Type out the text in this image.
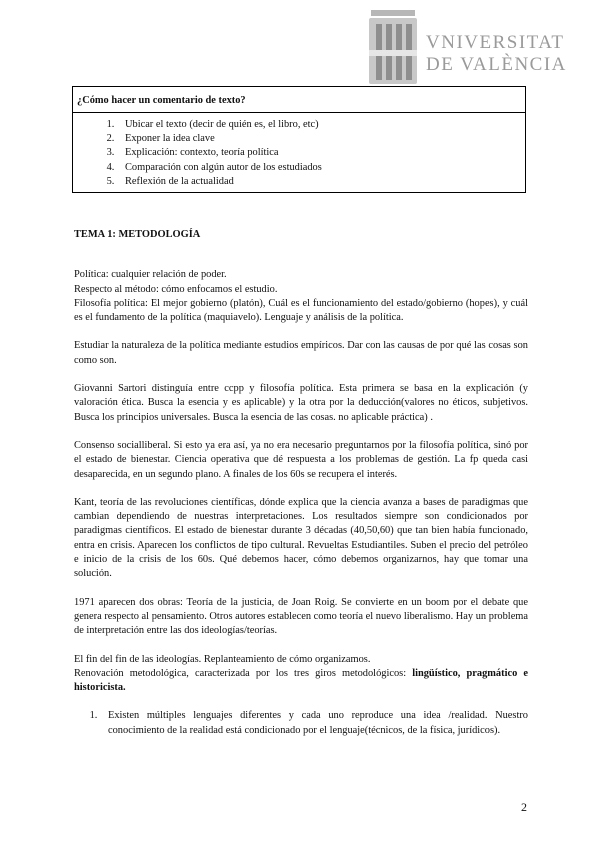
VNIVERSITAT
DE VALÈNCIA
¿Cómo hacer un comentario de texto?
1. Ubicar el texto (decir de quién es, el libro, etc)
2. Exponer la idea clave
3. Explicación: contexto, teoría política
4. Comparación con algún autor de los estudiados
5. Reflexión de la actualidad

TEMA 1: METODOLOGÍA

Política: cualquier relación de poder.

Respecto al método: cómo enfocamos el estudio.

Filosofía política: El mejor gobierno (platón), Cuál es el funcionamiento del estado/gobierno (hopes), y cuál es el fundamento de la política (maquiavelo). Lenguaje y análisis de la política.

Estudiar la naturaleza de la política mediante estudios empíricos. Dar con las causas de por qué las cosas son como son.

Giovanni Sartori distinguía entre ccpp y filosofía política. Esta primera se basa en la explicación (y valoración ética. Busca la esencia y es aplicable) y la otra por la deducción(valores no éticos, subjetivos. Busca los principios universales. Busca la esencia de las cosas. no aplicable práctica) .

Consenso socialliberal. Si esto ya era así, ya no era necesario preguntarnos por la filosofía política, sinó por el estado de bienestar. Ciencia operativa que dé respuesta a los problemas de gestión. La fp queda casi desaparecida, en un segundo plano. A finales de los 60s se recupera el interés.

Kant, teoría de las revoluciones científicas, dónde explica que la ciencia avanza a bases de paradigmas que cambian dependiendo de nuestras interpretaciones. Los resultados siempre son condicionados por paradigmas científicos. El estado de bienestar durante 3 décadas (40,50,60) que tan bien había funcionado, entra en crisis. Aparecen los conflictos de tipo cultural. Revueltas Estudiantiles. Suben el precio del petróleo e inicio de la crisis de los 60s. Qué debemos hacer, cómo debemos organizarnos, hay que tomar una solución.

1971 aparecen dos obras: Teoría de la justicia, de Joan Roig. Se convierte en un boom por el debate que genera respecto al pensamiento. Otros autores establecen como teoría el nuevo liberalismo. Hay un problema de interpretación entre las dos ideologías/teorías.

El fin del fin de las ideologías. Replanteamiento de cómo organizamos.

Renovación metodológica, caracterizada por los tres giros metodológicos: lingüístico, pragmático e historicista.

1. Existen múltiples lenguajes diferentes y cada uno reproduce una idea /realidad. Nuestro conocimiento de la realidad está condicionado por el lenguaje(técnicos, de la física, jurídicos).
2
